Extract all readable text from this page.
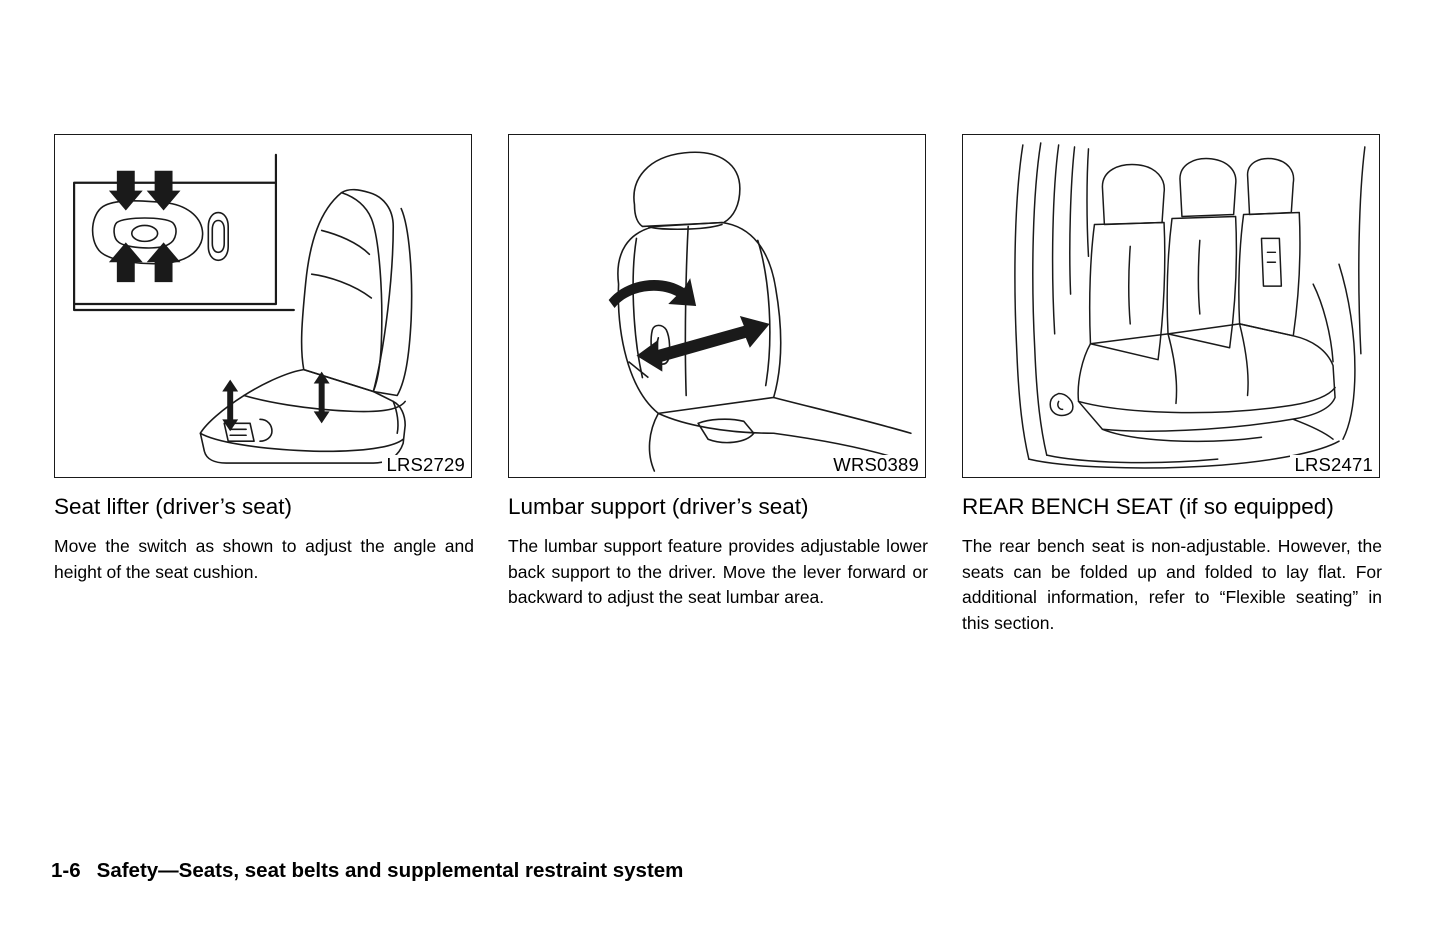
LRS2729
Seat lifter (driver’s seat)
Move the switch as shown to adjust the angle and height of the seat cushion.
WRS0389
Lumbar support (driver’s seat)
The lumbar support feature provides adjustable lower back support to the driver. Move the lever forward or backward to adjust the seat lumbar area.
LRS2471
REAR BENCH SEAT (if so equipped)
The rear bench seat is non-adjustable. However, the seats can be folded up and folded to lay flat. For additional information, refer to “Flexible seating” in this section.
1-6 Safety—Seats, seat belts and supplemental restraint system
